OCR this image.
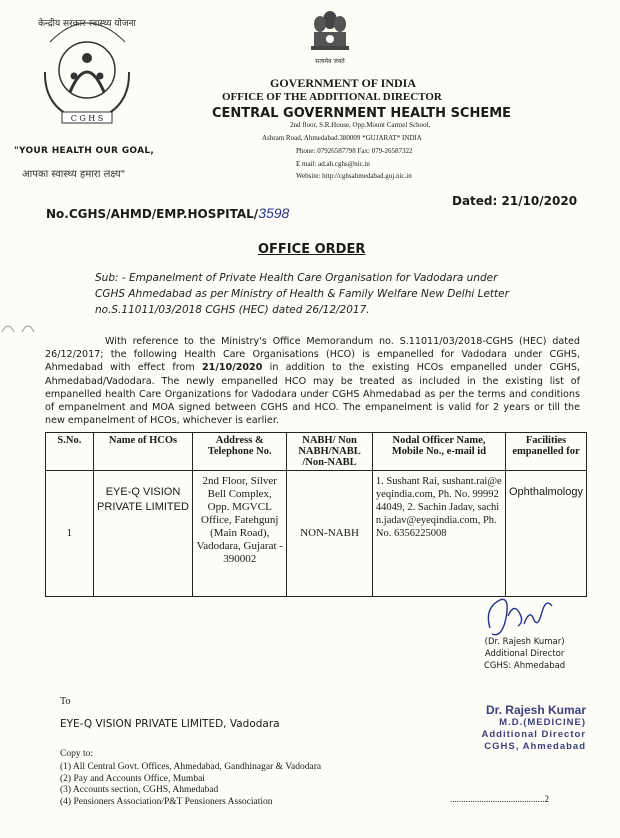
केन्द्रीय सरकार स्वास्थ्य योजना
C G H S
सत्यमेव जयते
"YOUR HEALTH OUR GOAL,
आपका स्वास्थ्य हमारा लक्ष्य"
GOVERNMENT OF INDIA
OFFICE OF THE ADDITIONAL DIRECTOR
CENTRAL GOVERNMENT HEALTH SCHEME
2nd floor, S.R.House, Opp.Mount Carmel School,
Ashram Road, Ahmedabad.380009 *GUJARAT* INDIA
Phone: 07926587798 Fax: 079-26587322
E mail: ad.ah.cghs@nic.in
Website: http://cghsahmedabad.guj.nic.in
No.CGHS/AHMD/EMP.HOSPITAL/3598
Dated: 21/10/2020
OFFICE ORDER
Sub: - Empanelment of Private Health Care Organisation for Vadodara under CGHS Ahmedabad as per Ministry of Health & Family Welfare New Delhi Letter no.S.11011/03/2018 CGHS (HEC) dated 26/12/2017.
With reference to the Ministry's Office Memorandum no. S.11011/03/2018-CGHS (HEC) dated 26/12/2017; the following Health Care Organisations (HCO) is empanelled for Vadodara under CGHS, Ahmedabad with effect from 21/10/2020 in addition to the existing HCOs empanelled under CGHS, Ahmedabad/Vadodara. The newly empanelled HCO may be treated as included in the existing list of empanelled health Care Organizations for Vadodara under CGHS Ahmedabad as per the terms and conditions of empanelment and MOA signed between CGHS and HCO. The empanelment is valid for 2 years or till the new empanelment of HCOs, whichever is earlier.
S.No.	Name of HCOs	Address & Telephone No.	NABH/ Non NABH/NABL /Non-NABL	Nodal Officer Name, Mobile No., e-mail id	Facilities empanelled for
1	EYE-Q VISION PRIVATE LIMITED	2nd Floor, Silver Bell Complex, Opp. MGVCL Office, Fatehgunj (Main Road), Vadodara, Gujarat - 390002	NON-NABH	1. Sushant Rai, sushant.rai@eyeqindia.com, Ph. No. 9999244049, 2. Sachin Jadav, sachin.jadav@eyeqindia.com, Ph. No. 6356225008	Ophthalmology
(Dr. Rajesh Kumar)
Additional Director
CGHS: Ahmedabad
To
EYE-Q VISION PRIVATE LIMITED, Vadodara
Dr. Rajesh Kumar
M.D.(MEDICINE)
Additional Director
CGHS, Ahmedabad
Copy to:
(1) All Central Govt. Offices, Ahmedabad, Gandhinagar & Vadodara
(2) Pay and Accounts Office, Mumbai
(3) Accounts section, CGHS, Ahmedabad
(4) Pensioners Association/P&T Pensioners Association	..........................................2
